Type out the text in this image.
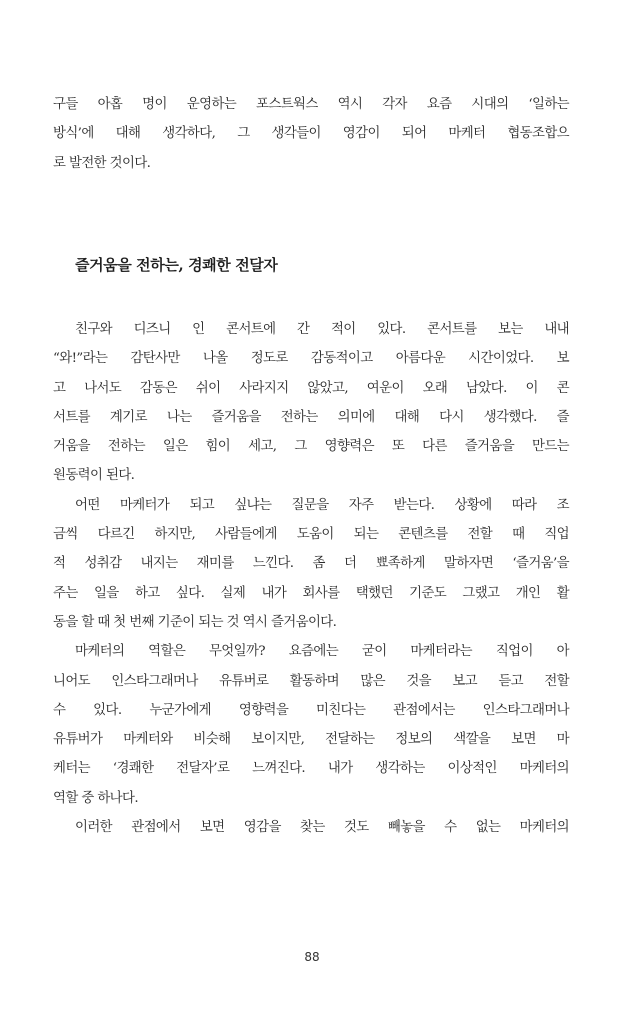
구들 아홉 명이 운영하는 포스트웍스 역시 각자 요즘 시대의 ‘일하는
방식’에 대해 생각하다, 그 생각들이 영감이 되어 마케터 협동조합으
로 발전한 것이다.
즐거움을 전하는, 경쾌한 전달자
친구와 디즈니 인 콘서트에 간 적이 있다. 콘서트를 보는 내내
“와!”라는 감탄사만 나올 정도로 감동적이고 아름다운 시간이었다. 보
고 나서도 감동은 쉬이 사라지지 않았고, 여운이 오래 남았다. 이 콘
서트를 계기로 나는 즐거움을 전하는 의미에 대해 다시 생각했다. 즐
거움을 전하는 일은 힘이 세고, 그 영향력은 또 다른 즐거움을 만드는
원동력이 된다.
어떤 마케터가 되고 싶냐는 질문을 자주 받는다. 상황에 따라 조
금씩 다르긴 하지만, 사람들에게 도움이 되는 콘텐츠를 전할 때 직업
적 성취감 내지는 재미를 느낀다. 좀 더 뾰족하게 말하자면 ‘즐거움’을
주는 일을 하고 싶다. 실제 내가 회사를 택했던 기준도 그랬고 개인 활
동을 할 때 첫 번째 기준이 되는 것 역시 즐거움이다.
마케터의 역할은 무엇일까? 요즘에는 굳이 마케터라는 직업이 아
니어도 인스타그래머나 유튜버로 활동하며 많은 것을 보고 듣고 전할
수 있다. 누군가에게 영향력을 미친다는 관점에서는 인스타그래머나
유튜버가 마케터와 비슷해 보이지만, 전달하는 정보의 색깔을 보면 마
케터는 ‘경쾌한 전달자’로 느껴진다. 내가 생각하는 이상적인 마케터의
역할 중 하나다.
이러한 관점에서 보면 영감을 찾는 것도 빼놓을 수 없는 마케터의
88
